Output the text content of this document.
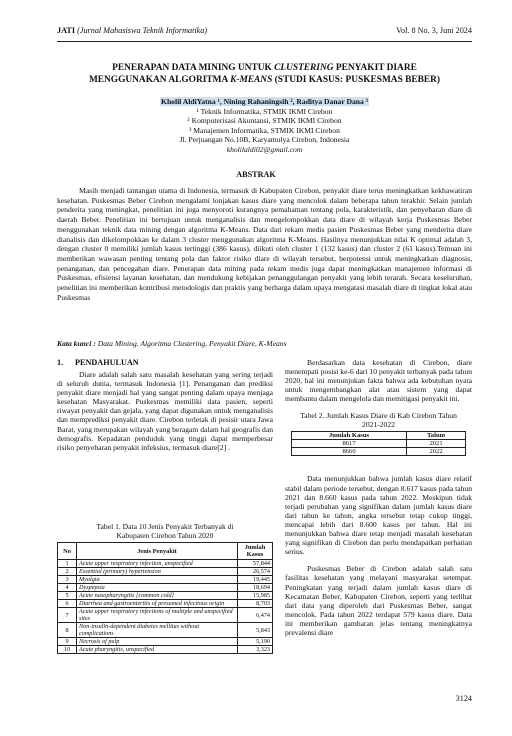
JATI (Jurnal Mahasiswa Teknik Informatika)	Vol. 8 No. 3, Juni 2024
PENERAPAN DATA MINING UNTUK CLUSTERING PENYAKIT DIARE
MENGGUNAKAN ALGORITMA K-MEANS (STUDI KASUS: PUSKESMAS BEBER)
Kholil AldiYatna ¹, Nining Rahaningsih ², Raditya Danar Dana ³
¹ Teknik Informatika, STMIK IKMI Cirebon
² Komputerisasi Akuntansi, STMIK IKMI Cirebon
³ Manajemen Informatika, STMIK IKMI Cirebon
Jl. Perjuangan No.10B, Karyamulya Cirebon, Indonesia
kholilaldi02@gmail.com
ABSTRAK

Masih menjadi tantangan utama di Indonesia, termasuk di Kabupaten Cirebon, penyakit diare terus meningkatkan kekhawatiran kesehatan. Puskesmas Beber Cirebon mengalami lonjakan kasus diare yang mencolok dalam beberapa tahun terakhir. Selain jumlah penderita yang meningkat, penelitian ini juga menyoroti kurangnya pemahaman tentang pola, karakteristik, dan penyebaran diare di daerah Beber. Penelitian ini bertujuan untuk menganalisis dan mengelompokkan data diare di wilayah kerja Puskesmas Beber menggunakan teknik data mining dengan algoritma K-Means. Data dari rekam medis pasien Puskesmas Beber yang menderita diare dianalisis dan dikelompokkan ke dalam 3 cluster menggunakan algoritma K-Means. Hasilnya menunjukkan nilai K optimal adalah 3, dengan cluster 0 memiliki jumlah kasus tertinggi (386 kasus), diikuti oleh cluster 1 (132 kasus) dan cluster 2 (61 kasus).Temuan ini memberikan wawasan penting tentang pola dan faktor risiko diare di wilayah tersebut, berpotensi untuk meningkatkan diagnosis, penanganan, dan pencegahan diare. Penerapan data mining pada rekam medis juga dapat meningkatkan manajemen informasi di Puskesmas, efisiensi layanan kesehatan, dan mendukung kebijakan penanggulangan penyakit yang lebih terarah. Secara keseluruhan, penelitian ini memberikan kontribusi metodologis dan praktis yang berharga dalam upaya mengatasi masalah diare di tingkat lokal atau Puskesmas

Kata kunci : Data Mining, Algoritma Clustering, Penyakit Diare, K-Means
1. PENDAHULUAN

Diare adalah salah satu masalah kesehatan yang sering terjadi di seluruh dunia, termasuk Indonesia [1]. Penanganan dan prediksi penyakit diare menjadi hal yang sangat penting dalam upaya menjaga kesehatan Masyarakat. Puskesmas memiliki data pasien, seperti riwayat penyakit dan gejala, yang dapat digunakan untuk menganalisis dan memprediksi penyakit diare. Cirebon terletak di pesisir utara Jawa Barat, yang merupakan wilayah yang beragam dalam hal geografis dan demografis. Kepadatan penduduk yang tinggi dapat memperbesar risiko penyebaran penyakit infeksius, termasuk diare[2] .

Tabel 1. Data 10 Jenis Penyakit Terbanyak di
Kabupaten Cirebon Tahun 2020
No	Jenis Penyakit	Jumlah Kasus
1	Acute upper respiratory infection, unspecified	57,844
2	Essential (primary) hypertension	26,574
3	Myalgia	19,445
4	Dyspepsia	18,694
5	Acute nasopharyngitis [common cold]	15,985
6	Diarrhea and gastroenteritis of presumed infectious origin	8,703
7	Acute upper respiratory infections of multiple and unspecified sites	6,474
8	Non-insulin-dependent diabetes mellitus without complications	5,843
9	Necrosis of pulp	5,190
10	Acute pharyngitis, unspecified	3,323

Berdasarkan data kesehatan di Cirebon, diare menempati posisi ke-6 dari 10 penyakit terbanyak pada tahun 2020, hal ini menunjukan fakta bahwa ada kebutuhan nyata untuk mengembangkan alat atau sistem yang dapat membantu dalam mengelola dan memitigasi penyakit ini.

Tabel 2. Jumlah Kasus Diare di Kab Cirebon Tahun
2021-2022
Jumlah Kasus	Tahun
8617	2021
8660	2022

Data menunjukkan bahwa jumlah kasus diare relatif stabil dalam periode tersebut, dengan 8.617 kasus pada tahun 2021 dan 8.660 kasus pada tahun 2022. Meskipun tidak terjadi perubahan yang signifikan dalam jumlah kasus diare dari tahun ke tahun, angka tersebut tetap cukup tinggi, mencapai lebih dari 8.600 kasus per tahun. Hal ini menunjukkan bahwa diare tetap menjadi masalah kesehatan yang signifikan di Cirebon dan perlu mendapatkan perhatian serius.

Puskesmas Beber di Cirebon adalah salah satu fasilitas kesehatan yang melayani masyarakat setempat. Peningkatan yang terjadi dalam jumlah kasus diare di Kecamatan Beber, Kabupaten Cirebon, seperti yang terlihat dari data yang diperoleh dari Puskesmas Beber, sangat mencolok. Pada tahun 2022 terdapat 579 kasus diare. Data ini memberikan gambaran jelas tentang meningkatnya prevalensi diare

3124
